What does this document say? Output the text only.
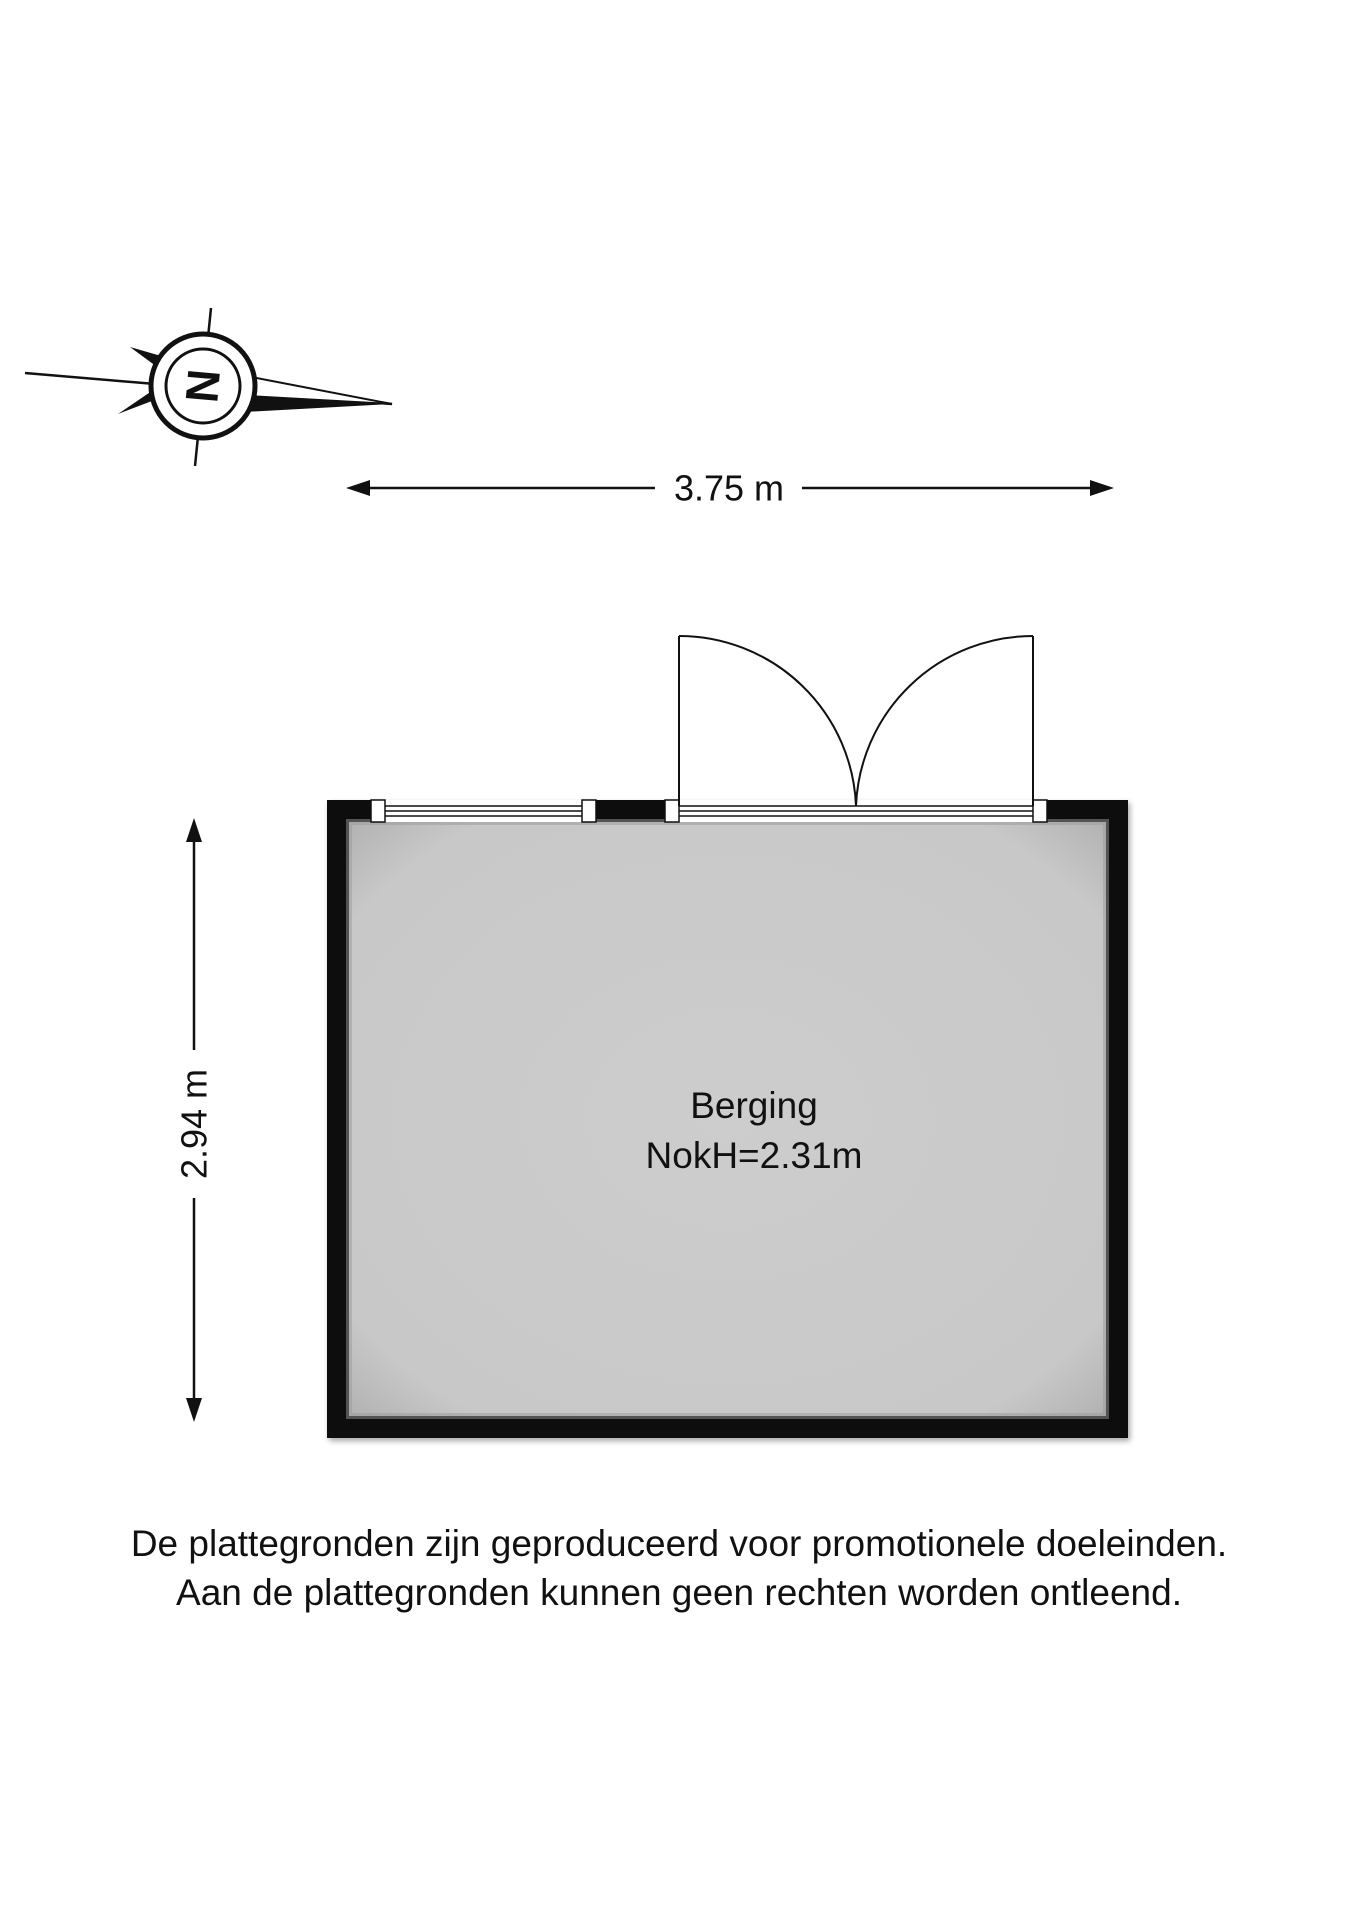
N
3.75 m
2.94 m	Berging
NokH=2.31m
De plattegronden zijn geproduceerd voor promotionele doeleinden.
Aan de plattegronden kunnen geen rechten worden ontleend.
